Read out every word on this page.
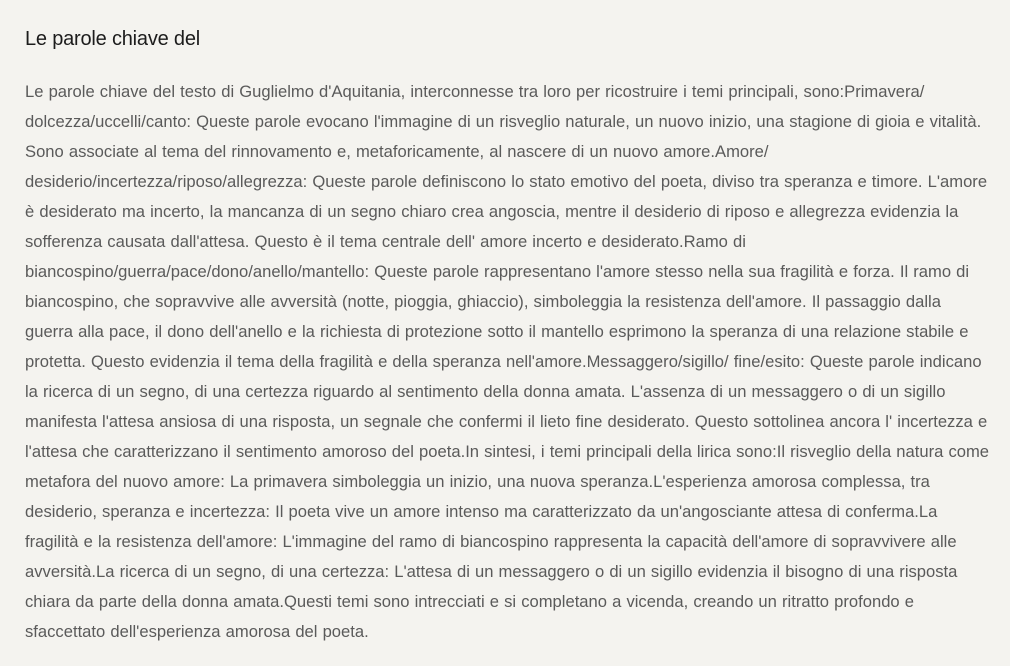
Le parole chiave del

Le parole chiave del testo di Guglielmo d'Aquitania, interconnesse tra loro per ricostruire i temi principali, sono:Primavera/ dolcezza/uccelli/canto: Queste parole evocano l'immagine di un risveglio naturale, un nuovo inizio, una stagione di gioia e vitalità. Sono associate al tema del rinnovamento e, metaforicamente, al nascere di un nuovo amore.Amore/ desiderio/incertezza/riposo/allegrezza: Queste parole definiscono lo stato emotivo del poeta, diviso tra speranza e timore. L'amore è desiderato ma incerto, la mancanza di un segno chiaro crea angoscia, mentre il desiderio di riposo e allegrezza evidenzia la sofferenza causata dall'attesa. Questo è il tema centrale dell' amore incerto e desiderato.Ramo di biancospino/guerra/pace/dono/anello/mantello: Queste parole rappresentano l'amore stesso nella sua fragilità e forza. Il ramo di biancospino, che sopravvive alle avversità (notte, pioggia, ghiaccio), simboleggia la resistenza dell'amore. Il passaggio dalla guerra alla pace, il dono dell'anello e la richiesta di protezione sotto il mantello esprimono la speranza di una relazione stabile e protetta. Questo evidenzia il tema della fragilità e della speranza nell'amore.Messaggero/sigillo/ fine/esito: Queste parole indicano la ricerca di un segno, di una certezza riguardo al sentimento della donna amata. L'assenza di un messaggero o di un sigillo manifesta l'attesa ansiosa di una risposta, un segnale che confermi il lieto fine desiderato. Questo sottolinea ancora l' incertezza e l'attesa che caratterizzano il sentimento amoroso del poeta.In sintesi, i temi principali della lirica sono:Il risveglio della natura come metafora del nuovo amore: La primavera simboleggia un inizio, una nuova speranza.L'esperienza amorosa complessa, tra desiderio, speranza e incertezza: Il poeta vive un amore intenso ma caratterizzato da un'angosciante attesa di conferma.La fragilità e la resistenza dell'amore: L'immagine del ramo di biancospino rappresenta la capacità dell'amore di sopravvivere alle avversità.La ricerca di un segno, di una certezza: L'attesa di un messaggero o di un sigillo evidenzia il bisogno di una risposta chiara da parte della donna amata.Questi temi sono intrecciati e si completano a vicenda, creando un ritratto profondo e sfaccettato dell'esperienza amorosa del poeta.
